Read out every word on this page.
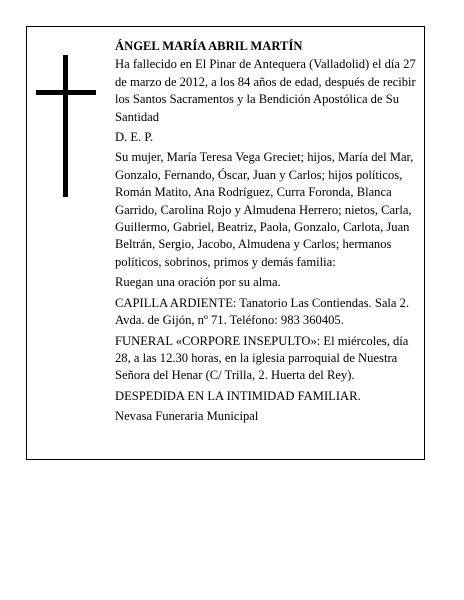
ÁNGEL MARÍA ABRIL MARTÍN

Ha fallecido en El Pinar de Antequera (Valladolid) el día 27 de marzo de 2012, a los 84 años de edad, después de recibir los Santos Sacramentos y la Bendición Apostólica de Su Santidad

D. E. P.

Su mujer, María Teresa Vega Greciet; hijos, María del Mar, Gonzalo, Fernando, Óscar, Juan y Carlos; hijos políticos, Román Matito, Ana Rodríguez, Curra Foronda, Blanca Garrido, Carolina Rojo y Almudena Herrero; nietos, Carla, Guillermo, Gabriel, Beatriz, Paola, Gonzalo, Carlota, Juan Beltrán, Sergio, Jacobo, Almudena y Carlos; hermanos políticos, sobrinos, primos y demás familia:

Ruegan una oración por su alma.

CAPILLA ARDIENTE: Tanatorio Las Contiendas. Sala 2. Avda. de Gijón, nº 71. Teléfono: 983 360405.

FUNERAL «CORPORE INSEPULTO»: El miércoles, día 28, a las 12.30 horas, en la iglesia parroquial de Nuestra Señora del Henar (C/ Trilla, 2. Huerta del Rey).

DESPEDIDA EN LA INTIMIDAD FAMILIAR.

Nevasa Funeraria Municipal
